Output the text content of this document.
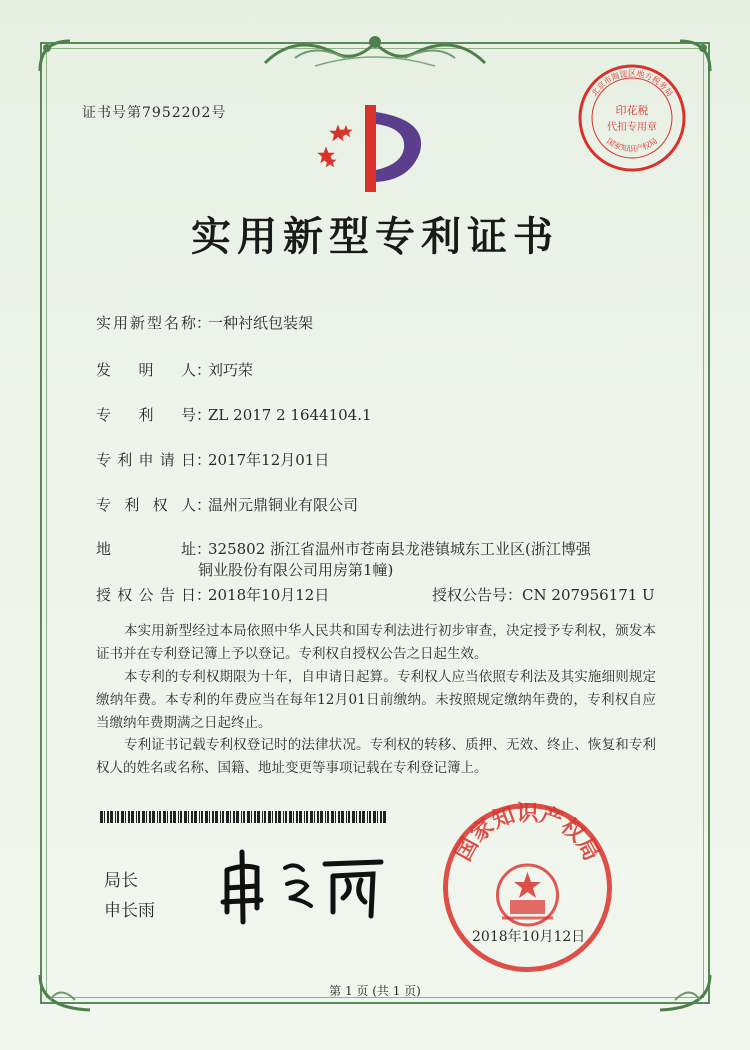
证书号第7952202号	印花税
代扣专用章
北京市海淀区地方税务局
国家知识产权局
实用新型专利证书
实用新型名称：一种衬纸包装架
发明人：刘巧荣
专利号：ZL 2017 2 1644104.1
专利申请日：2017年12月01日
专利权人：温州元鼎铜业有限公司
地址：325802 浙江省温州市苍南县龙港镇城东工业区(浙江博强
铜业股份有限公司用房第1幢)
授权公告日：2018年10月12日	授权公告号：CN 207956171 U

本实用新型经过本局依照中华人民共和国专利法进行初步审查，决定授予专利权，颁发本证书并在专利登记簿上予以登记。专利权自授权公告之日起生效。

本专利的专利权期限为十年，自申请日起算。专利权人应当依照专利法及其实施细则规定缴纳年费。本专利的年费应当在每年12月01日前缴纳。未按照规定缴纳年费的，专利权自应当缴纳年费期满之日起终止。

专利证书记载专利权登记时的法律状况。专利权的转移、质押、无效、终止、恢复和专利权人的姓名或名称、国籍、地址变更等事项记载在专利登记簿上。

局长
申长雨
国家知识产权局
2018年10月12日
第 1 页 (共 1 页)
